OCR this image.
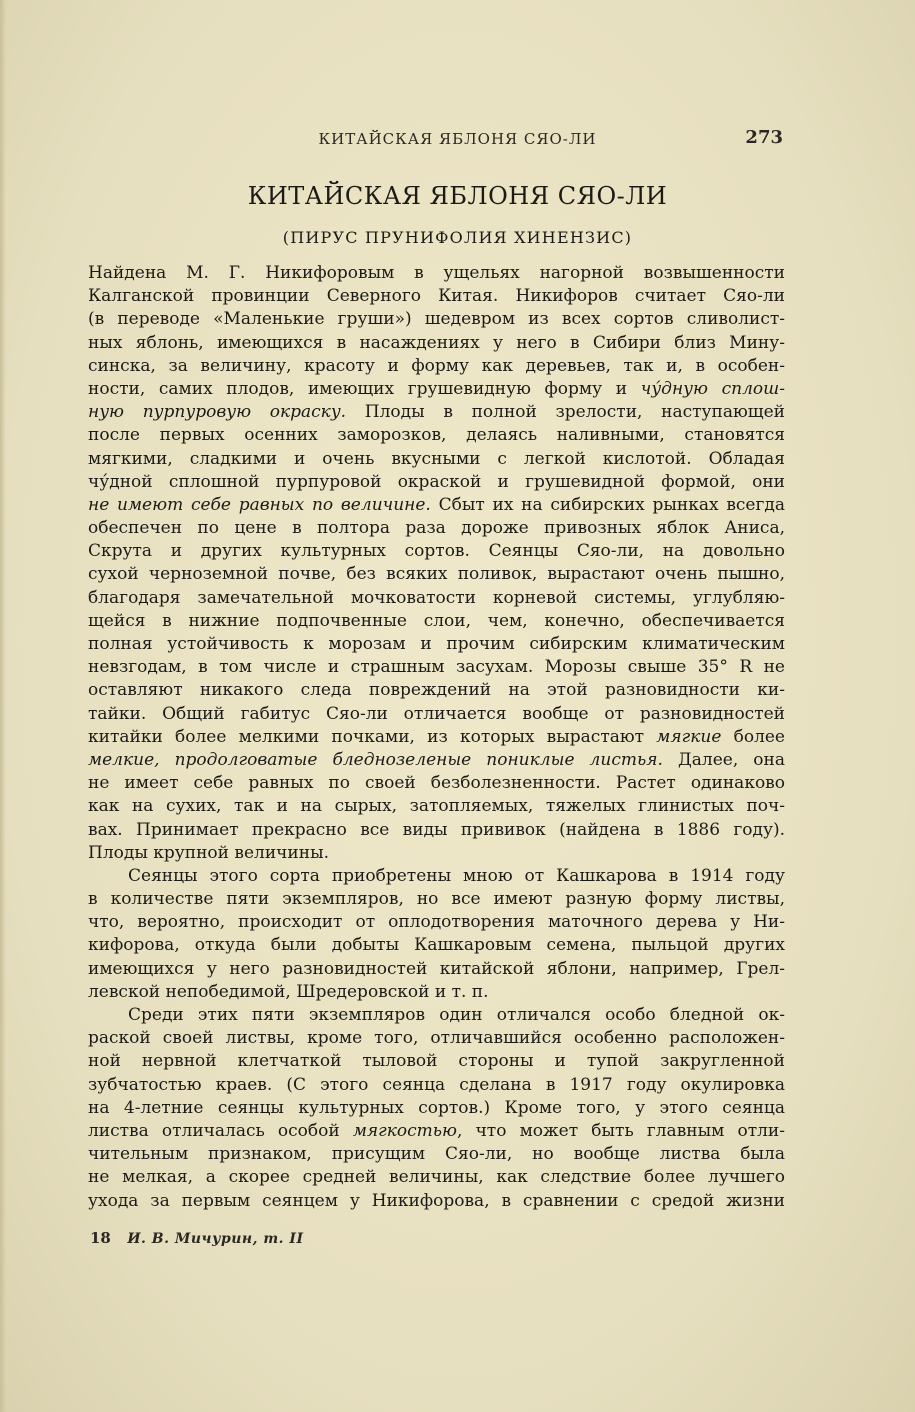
КИТАЙСКАЯ ЯБЛОНЯ СЯО-ЛИ	273
КИТАЙСКАЯ ЯБЛОНЯ СЯО-ЛИ
(ПИРУС ПРУНИФОЛИЯ ХИНЕНЗИС)
Найдена М. Г. Никифоровым в ущельях нагорной возвышенности
Калганской провинции Северного Китая. Никифоров считает Сяо-ли
(в переводе «Маленькие груши») шедевром из всех сортов сливолист-
ных яблонь, имеющихся в насаждениях у него в Сибири близ Мину-
синска, за величину, красоту и форму как деревьев, так и, в особен-
ности, самих плодов, имеющих грушевидную форму и чу́дную сплош-
ную пурпуровую окраску. Плоды в полной зрелости, наступающей
после первых осенних заморозков, делаясь наливными, становятся
мягкими, сладкими и очень вкусными с легкой кислотой. Обладая
чу́дной сплошной пурпуровой окраской и грушевидной формой, они
не имеют себе равных по величине. Сбыт их на сибирских рынках всегда
обеспечен по цене в полтора раза дороже привозных яблок Аниса,
Скрута и других культурных сортов. Сеянцы Сяо-ли, на довольно
сухой черноземной почве, без всяких поливок, вырастают очень пышно,
благодаря замечательной мочковатости корневой системы, углубляю-
щейся в нижние подпочвенные слои, чем, конечно, обеспечивается
полная устойчивость к морозам и прочим сибирским климатическим
невзгодам, в том числе и страшным засухам. Морозы свыше 35° R не
оставляют никакого следа повреждений на этой разновидности ки-
тайки. Общий габитус Сяо-ли отличается вообще от разновидностей
китайки более мелкими почками, из которых вырастают мягкие более
мелкие, продолговатые бледнозеленые пониклые листья. Далее, она
не имеет себе равных по своей безболезненности. Растет одинаково
как на сухих, так и на сырых, затопляемых, тяжелых глинистых поч-
вах. Принимает прекрасно все виды прививок (найдена в 1886 году).
Плоды крупной величины.
Сеянцы этого сорта приобретены мною от Кашкарова в 1914 году
в количестве пяти экземпляров, но все имеют разную форму листвы,
что, вероятно, происходит от оплодотворения маточного дерева у Ни-
кифорова, откуда были добыты Кашкаровым семена, пыльцой других
имеющихся у него разновидностей китайской яблони, например, Грел-
левской непобедимой, Шредеровской и т. п.
Среди этих пяти экземпляров один отличался особо бледной ок-
раской своей листвы, кроме того, отличавшийся особенно расположен-
ной нервной клетчаткой тыловой стороны и тупой закругленной
зубчатостью краев. (С этого сеянца сделана в 1917 году окулировка
на 4-летние сеянцы культурных сортов.) Кроме того, у этого сеянца
листва отличалась особой мягкостью, что может быть главным отли-
чительным признаком, присущим Сяо-ли, но вообще листва была
не мелкая, а скорее средней величины, как следствие более лучшего
ухода за первым сеянцем у Никифорова, в сравнении с средой жизни
18 И. В. Мичурин, т. II
